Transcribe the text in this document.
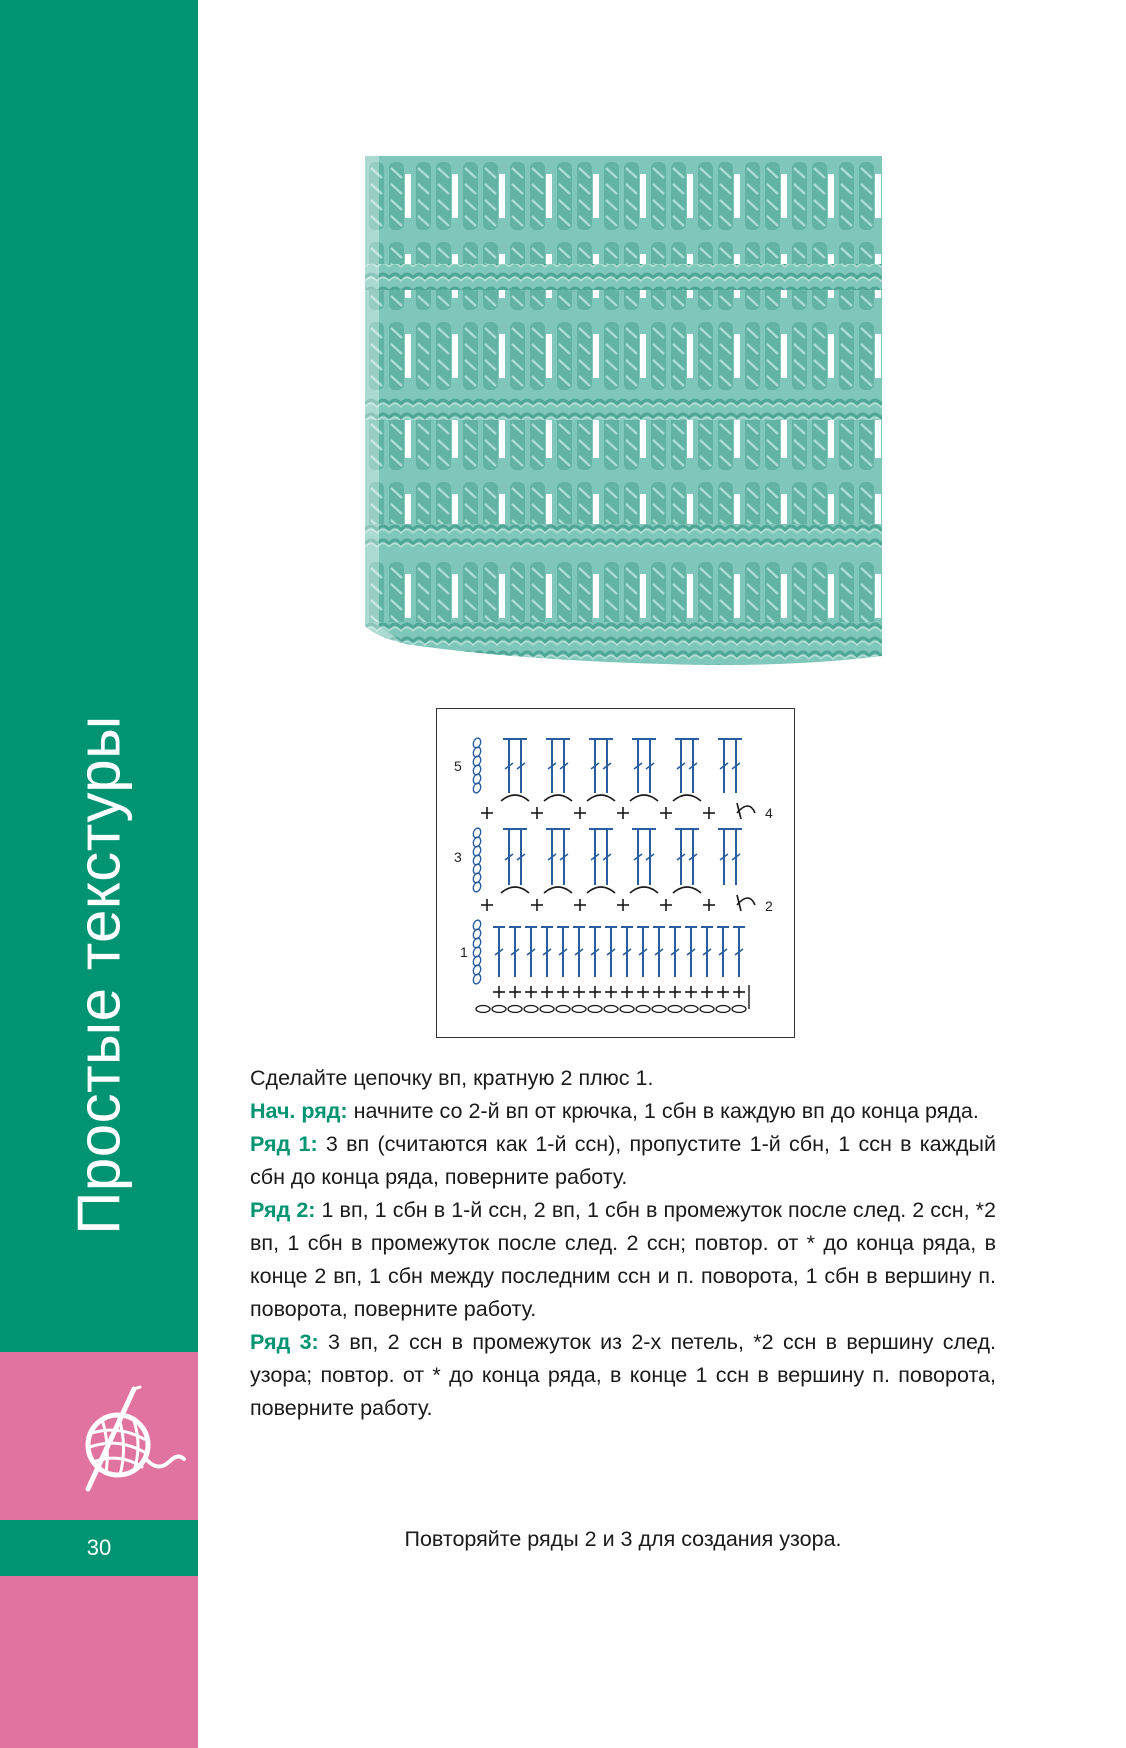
Простые текстуры
30
5
4
3
2
1

Сделайте цепочку вп, кратную 2 плюс 1.

Нач. ряд: начните со 2-й вп от крючка, 1 сбн в каждую вп до конца ряда.

Ряд 1: 3 вп (считаются как 1-й ссн), пропустите 1-й сбн, 1 ссн в каждый сбн до конца ряда, поверните работу.

Ряд 2: 1 вп, 1 сбн в 1-й ссн, 2 вп, 1 сбн в промежуток после след. 2 ссн, *2 вп, 1 сбн в промежуток после след. 2 ссн; повтор. от * до конца ряда, в конце 2 вп, 1 сбн между последним ссн и п. поворота, 1 сбн в вершину п. поворота, поверните работу.

Ряд 3: 3 вп, 2 ссн в промежуток из 2-х петель, *2 ссн в вершину след. узора; повтор. от * до конца ряда, в конце 1 ссн в вершину п. поворота, поверните работу.

Повторяйте ряды 2 и 3 для создания узора.
